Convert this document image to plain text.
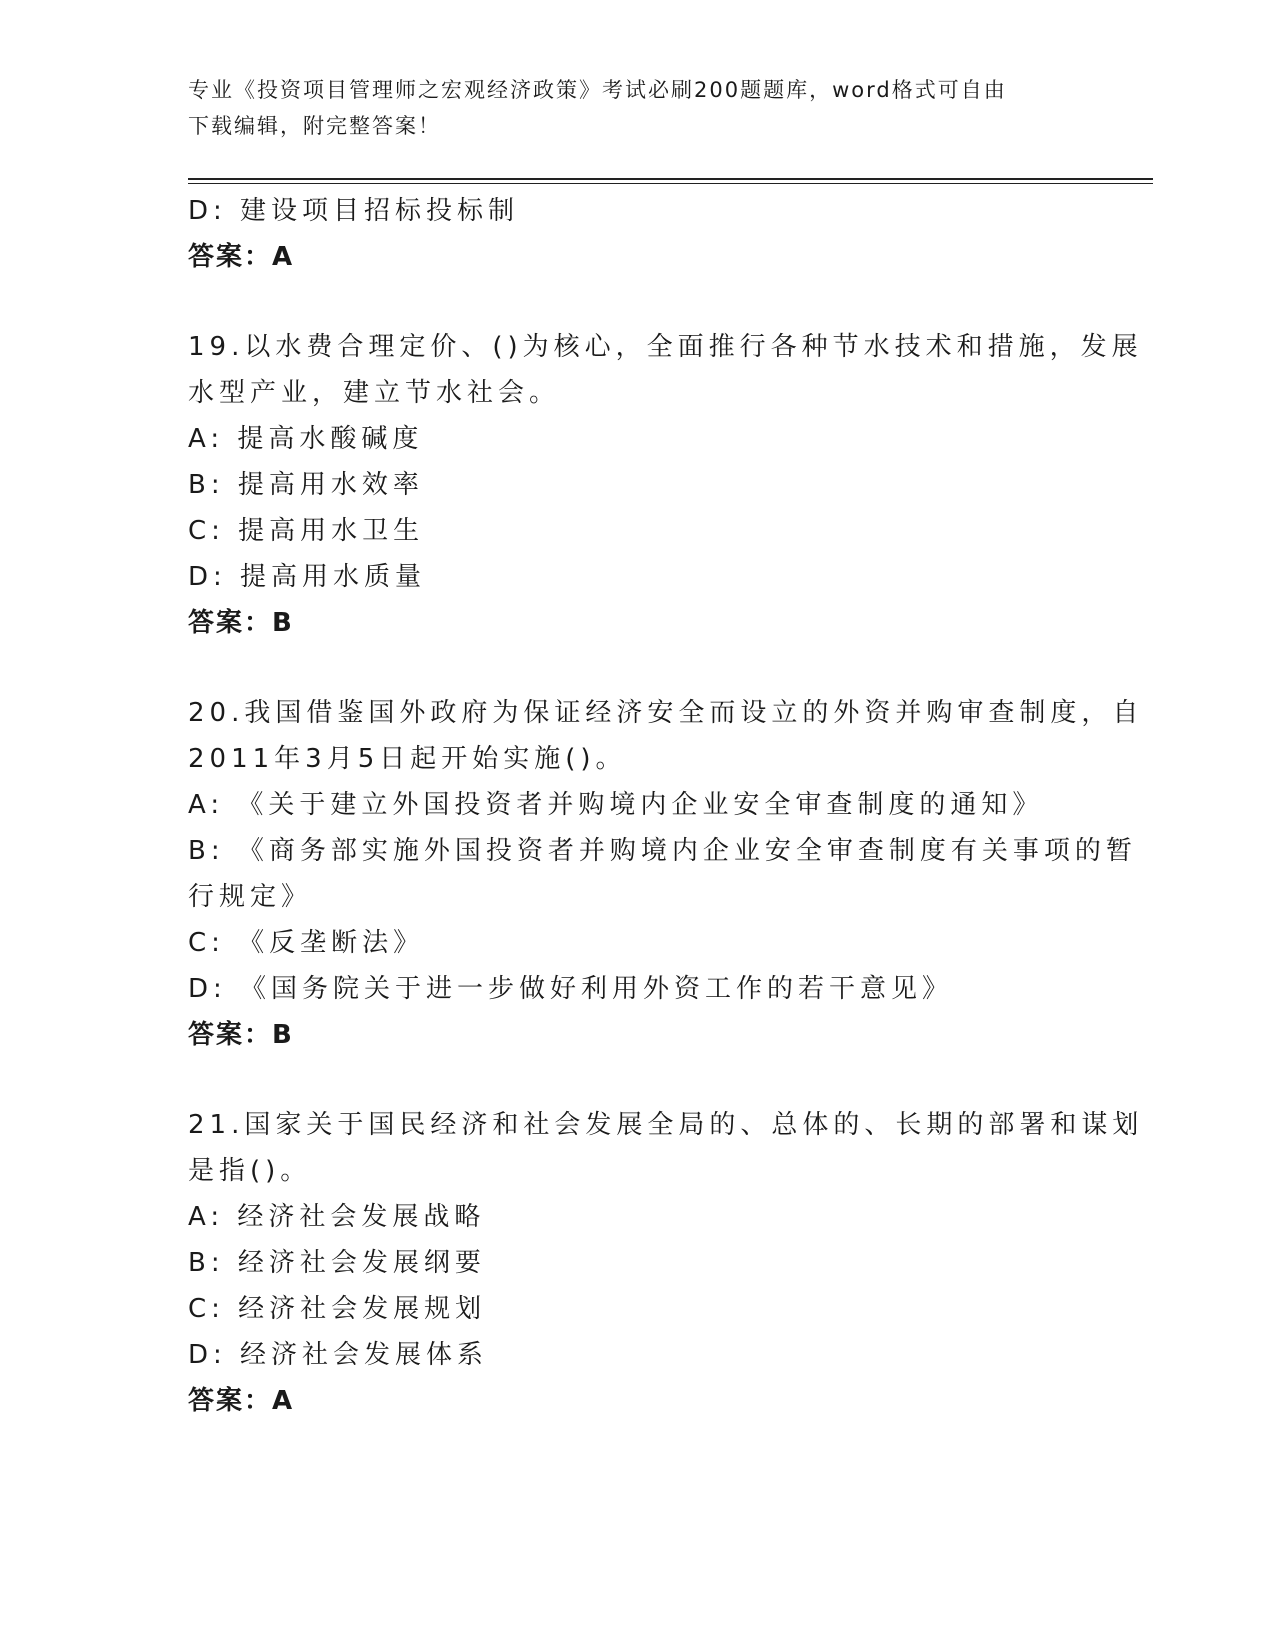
专业《投资项目管理师之宏观经济政策》考试必刷200题题库，word格式可自由
下载编辑，附完整答案！
D: 建设项目招标投标制
答案：A
19.以水费合理定价、()为核心，全面推行各种节水技术和措施，发展
水型产业，建立节水社会。
A: 提高水酸碱度
B: 提高用水效率
C: 提高用水卫生
D: 提高用水质量
答案：B
20.我国借鉴国外政府为保证经济安全而设立的外资并购审查制度，自
2011年3月5日起开始实施()。
A: 《关于建立外国投资者并购境内企业安全审查制度的通知》
B: 《商务部实施外国投资者并购境内企业安全审查制度有关事项的暂
行规定》
C: 《反垄断法》
D: 《国务院关于进一步做好利用外资工作的若干意见》
答案：B
21.国家关于国民经济和社会发展全局的、总体的、长期的部署和谋划
是指()。
A: 经济社会发展战略
B: 经济社会发展纲要
C: 经济社会发展规划
D: 经济社会发展体系
答案：A
